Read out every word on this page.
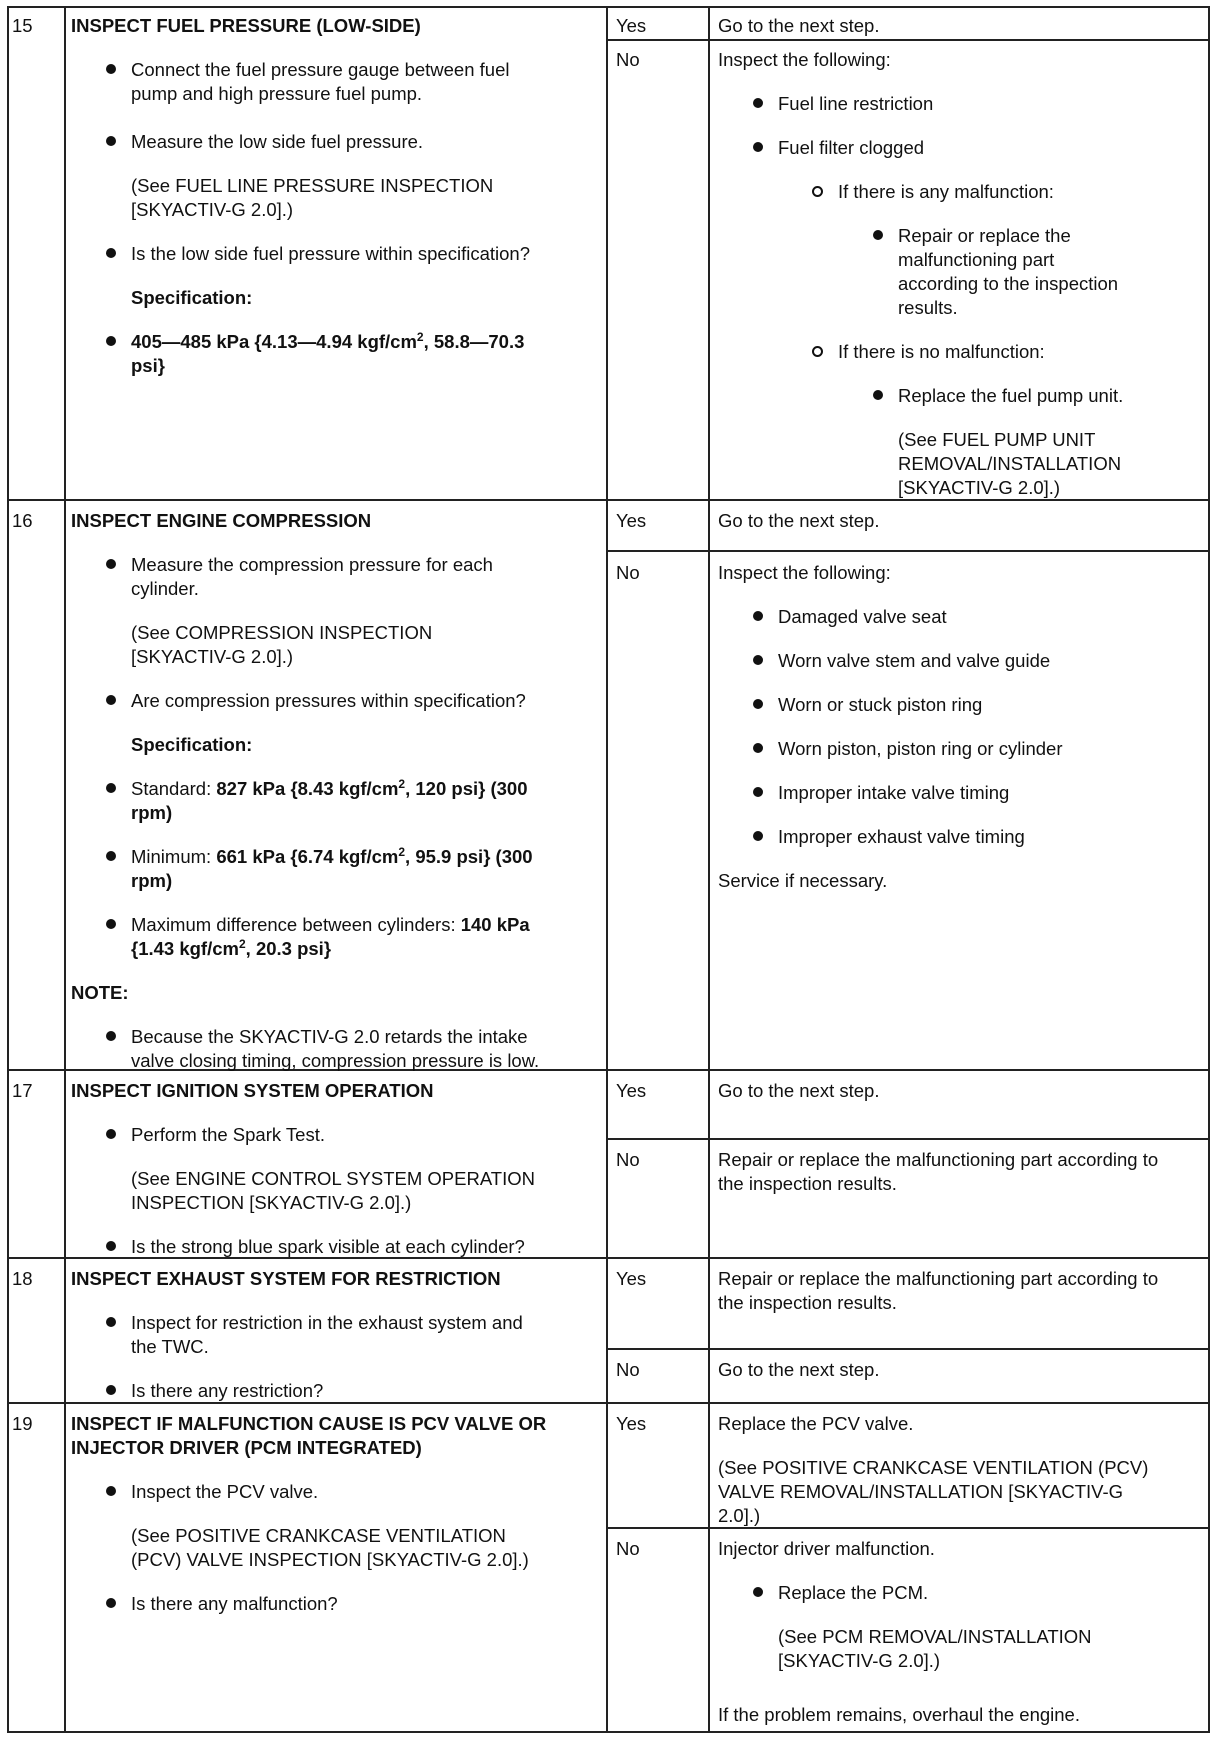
15 INSPECT FUEL PRESSURE (LOW-SIDE)
Connect the fuel pressure gauge between fuel
pump and high pressure fuel pump.
Measure the low side fuel pressure.
(See FUEL LINE PRESSURE INSPECTION
[SKYACTIV-G 2.0].)
Is the low side fuel pressure within specification?
Specification:
405—485 kPa {4.13—4.94 kgf/$cm^2$, 58.8—70.3
psi}
Yes	Go to the next step.
No	Inspect the following:
Fuel line restriction
Fuel filter clogged
If there is any malfunction:
Repair or replace the
malfunctioning part
according to the inspection
results.
If there is no malfunction:
Replace the fuel pump unit.
(See FUEL PUMP UNIT
REMOVAL/INSTALLATION
[SKYACTIV-G 2.0].)
16 INSPECT ENGINE COMPRESSION
Measure the compression pressure for each
cylinder.
(See COMPRESSION INSPECTION
[SKYACTIV-G 2.0].)
Are compression pressures within specification?
Specification:
Standard: 827 kPa {8.43 kgf/$cm^2$, 120 psi} (300
rpm)
Minimum: 661 kPa {6.74 kgf/$cm^2$, 95.9 psi} (300
rpm)
Maximum difference between cylinders: 140 kPa
{1.43 kgf/$cm^2$, 20.3 psi}
NOTE:
Because the SKYACTIV-G 2.0 retards the intake
valve closing timing, compression pressure is low.
Yes	Go to the next step.
No	Inspect the following:
Damaged valve seat
Worn valve stem and valve guide
Worn or stuck piston ring
Worn piston, piston ring or cylinder
Improper intake valve timing
Improper exhaust valve timing
Service if necessary.
17 INSPECT IGNITION SYSTEM OPERATION
Perform the Spark Test.
(See ENGINE CONTROL SYSTEM OPERATION
INSPECTION [SKYACTIV-G 2.0].)
Is the strong blue spark visible at each cylinder?
Yes	Go to the next step.
No	Repair or replace the malfunctioning part according to
the inspection results.
18 INSPECT EXHAUST SYSTEM FOR RESTRICTION
Inspect for restriction in the exhaust system and
the TWC.
Is there any restriction?
Yes	Repair or replace the malfunctioning part according to
the inspection results.
No	Go to the next step.
19 INSPECT IF MALFUNCTION CAUSE IS PCV VALVE OR
INJECTOR DRIVER (PCM INTEGRATED)
Inspect the PCV valve.
(See POSITIVE CRANKCASE VENTILATION
(PCV) VALVE INSPECTION [SKYACTIV-G 2.0].)
Is there any malfunction?
Yes	Replace the PCV valve.
(See POSITIVE CRANKCASE VENTILATION (PCV)
VALVE REMOVAL/INSTALLATION [SKYACTIV-G
2.0].)
No	Injector driver malfunction.
Replace the PCM.
(See PCM REMOVAL/INSTALLATION
[SKYACTIV-G 2.0].)
If the problem remains, overhaul the engine.
